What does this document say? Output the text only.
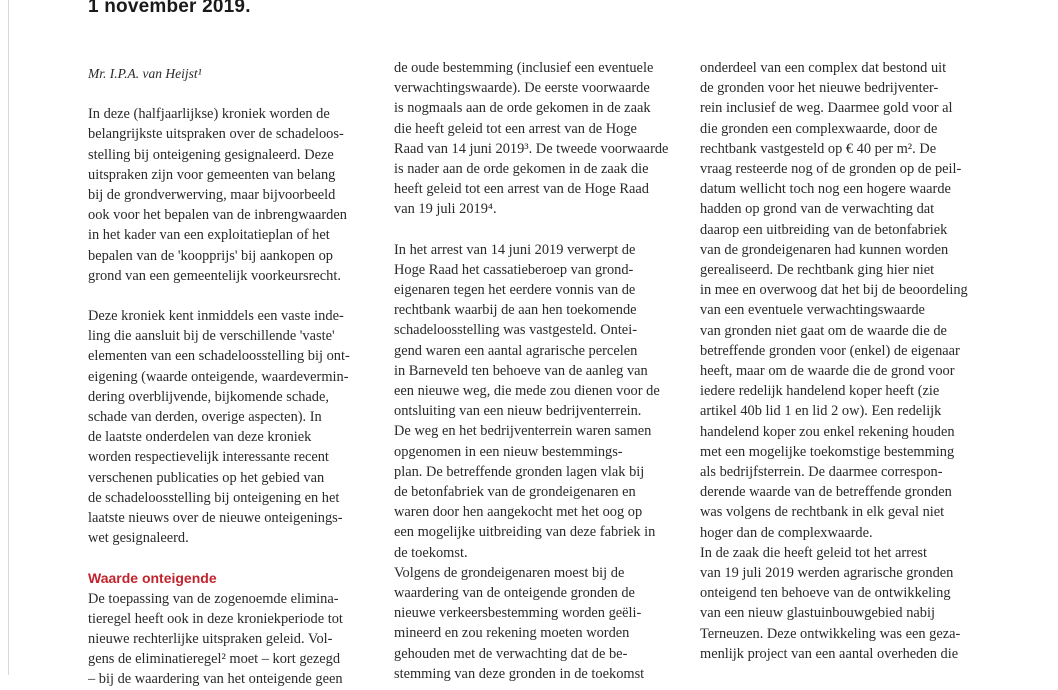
1 november 2019.
Mr. I.P.A. van Heijst¹
In deze (halfjaarlijkse) kroniek worden de
belangrijkste uitspraken over de schadeloos-
stelling bij onteigening gesignaleerd. Deze
uitspraken zijn voor gemeenten van belang
bij de grondverwerving, maar bijvoorbeeld
ook voor het bepalen van de inbrengwaarden
in het kader van een exploitatieplan of het
bepalen van de 'koopprijs' bij aankopen op
grond van een gemeentelijk voorkeursrecht.
Deze kroniek kent inmiddels een vaste inde-
ling die aansluit bij de verschillende 'vaste'
elementen van een schadeloosstelling bij ont-
eigening (waarde onteigende, waardevermin-
dering overblijvende, bijkomende schade,
schade van derden, overige aspecten). In
de laatste onderdelen van deze kroniek
worden respectievelijk interessante recent
verschenen publicaties op het gebied van
de schadeloosstelling bij onteigening en het
laatste nieuws over de nieuwe onteigenings-
wet gesignaleerd.
Waarde onteigende
De toepassing van de zogenoemde elimina-
tieregel heeft ook in deze kroniekperiode tot
nieuwe rechterlijke uitspraken geleid. Vol-
gens de eliminatieregel² moet – kort gezegd
– bij de waardering van het onteigende geen
de oude bestemming (inclusief een eventuele
verwachtingswaarde). De eerste voorwaarde
is nogmaals aan de orde gekomen in de zaak
die heeft geleid tot een arrest van de Hoge
Raad van 14 juni 2019³. De tweede voorwaarde
is nader aan de orde gekomen in de zaak die
heeft geleid tot een arrest van de Hoge Raad
van 19 juli 2019⁴.
In het arrest van 14 juni 2019 verwerpt de
Hoge Raad het cassatieberoep van grond-
eigenaren tegen het eerdere vonnis van de
rechtbank waarbij de aan hen toekomende
schadeloosstelling was vastgesteld. Ontei-
gend waren een aantal agrarische percelen
in Barneveld ten behoeve van de aanleg van
een nieuwe weg, die mede zou dienen voor de
ontsluiting van een nieuw bedrijventerrein.
De weg en het bedrijventerrein waren samen
opgenomen in een nieuw bestemmings-
plan. De betreffende gronden lagen vlak bij
de betonfabriek van de grondeigenaren en
waren door hen aangekocht met het oog op
een mogelijke uitbreiding van deze fabriek in
de toekomst.
Volgens de grondeigenaren moest bij de
waardering van de onteigende gronden de
nieuwe verkeersbestemming worden geëli-
mineerd en zou rekening moeten worden
gehouden met de verwachting dat de be-
stemming van deze gronden in de toekomst
onderdeel van een complex dat bestond uit
de gronden voor het nieuwe bedrijventer-
rein inclusief de weg. Daarmee gold voor al
die gronden een complexwaarde, door de
rechtbank vastgesteld op € 40 per m². De
vraag resteerde nog of de gronden op de peil-
datum wellicht toch nog een hogere waarde
hadden op grond van de verwachting dat
daarop een uitbreiding van de betonfabriek
van de grondeigenaren had kunnen worden
gerealiseerd. De rechtbank ging hier niet
in mee en overwoog dat het bij de beoordeling
van een eventuele verwachtingswaarde
van gronden niet gaat om de waarde die de
betreffende gronden voor (enkel) de eigenaar
heeft, maar om de waarde die de grond voor
iedere redelijk handelend koper heeft (zie
artikel 40b lid 1 en lid 2 ow). Een redelijk
handelend koper zou enkel rekening houden
met een mogelijke toekomstige bestemming
als bedrijfsterrein. De daarmee correspon-
derende waarde van de betreffende gronden
was volgens de rechtbank in elk geval niet
hoger dan de complexwaarde.
In de zaak die heeft geleid tot het arrest
van 19 juli 2019 werden agrarische gronden
onteigend ten behoeve van de ontwikkeling
van een nieuw glastuinbouwgebied nabij
Terneuzen. Deze ontwikkeling was een geza-
menlijk project van een aantal overheden die
